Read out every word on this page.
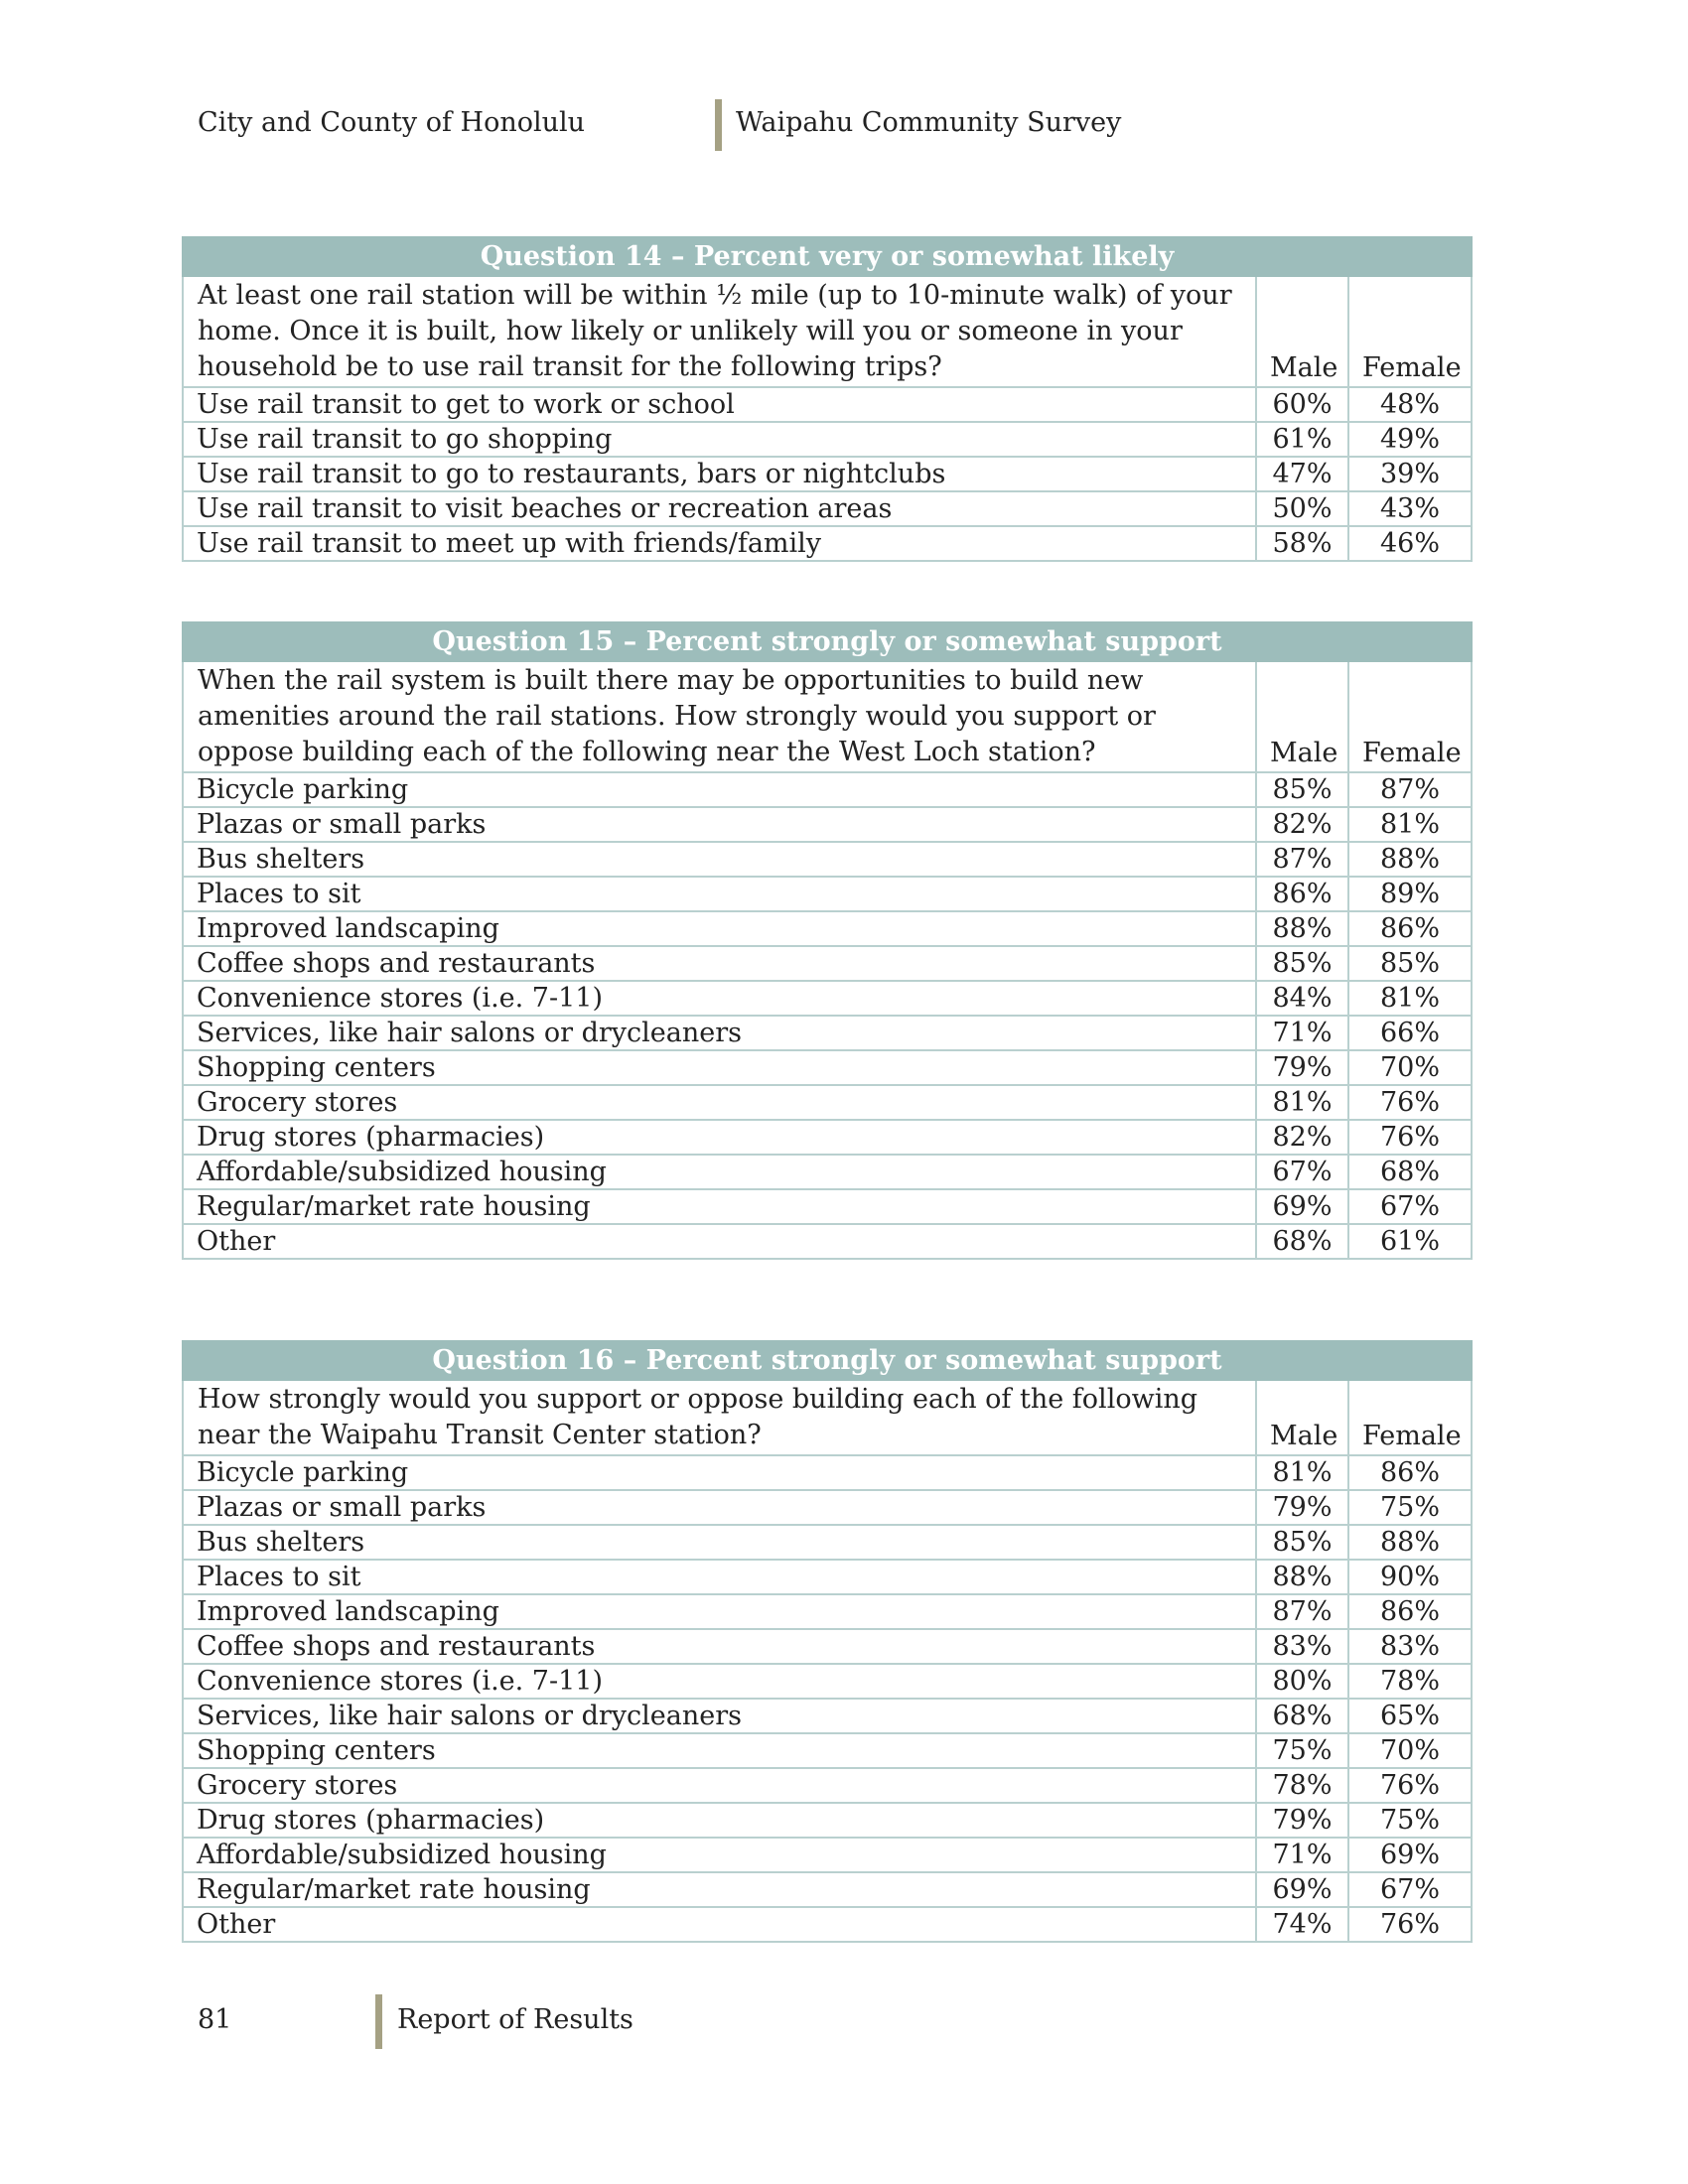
City and County of Honolulu	Waipahu Community Survey
Question 14 – Percent very or somewhat likely		
At least one rail station will be within ½ mile (up to 10-minute walk) of your home. Once it is built, how likely or unlikely will you or someone in your household be to use rail transit for the following trips?	Male	Female
Use rail transit to get to work or school	60%	48%
Use rail transit to go shopping	61%	49%
Use rail transit to go to restaurants, bars or nightclubs	47%	39%
Use rail transit to visit beaches or recreation areas	50%	43%
Use rail transit to meet up with friends/family	58%	46%
Question 15 – Percent strongly or somewhat support		
When the rail system is built there may be opportunities to build new amenities around the rail stations. How strongly would you support or oppose building each of the following near the West Loch station?	Male	Female
Bicycle parking	85%	87%
Plazas or small parks	82%	81%
Bus shelters	87%	88%
Places to sit	86%	89%
Improved landscaping	88%	86%
Coffee shops and restaurants	85%	85%
Convenience stores (i.e. 7-11)	84%	81%
Services, like hair salons or drycleaners	71%	66%
Shopping centers	79%	70%
Grocery stores	81%	76%
Drug stores (pharmacies)	82%	76%
Affordable/subsidized housing	67%	68%
Regular/market rate housing	69%	67%
Other	68%	61%
Question 16 – Percent strongly or somewhat support		
How strongly would you support or oppose building each of the following near the Waipahu Transit Center station?	Male	Female
Bicycle parking	81%	86%
Plazas or small parks	79%	75%
Bus shelters	85%	88%
Places to sit	88%	90%
Improved landscaping	87%	86%
Coffee shops and restaurants	83%	83%
Convenience stores (i.e. 7-11)	80%	78%
Services, like hair salons or drycleaners	68%	65%
Shopping centers	75%	70%
Grocery stores	78%	76%
Drug stores (pharmacies)	79%	75%
Affordable/subsidized housing	71%	69%
Regular/market rate housing	69%	67%
Other	74%	76%
81	Report of Results
